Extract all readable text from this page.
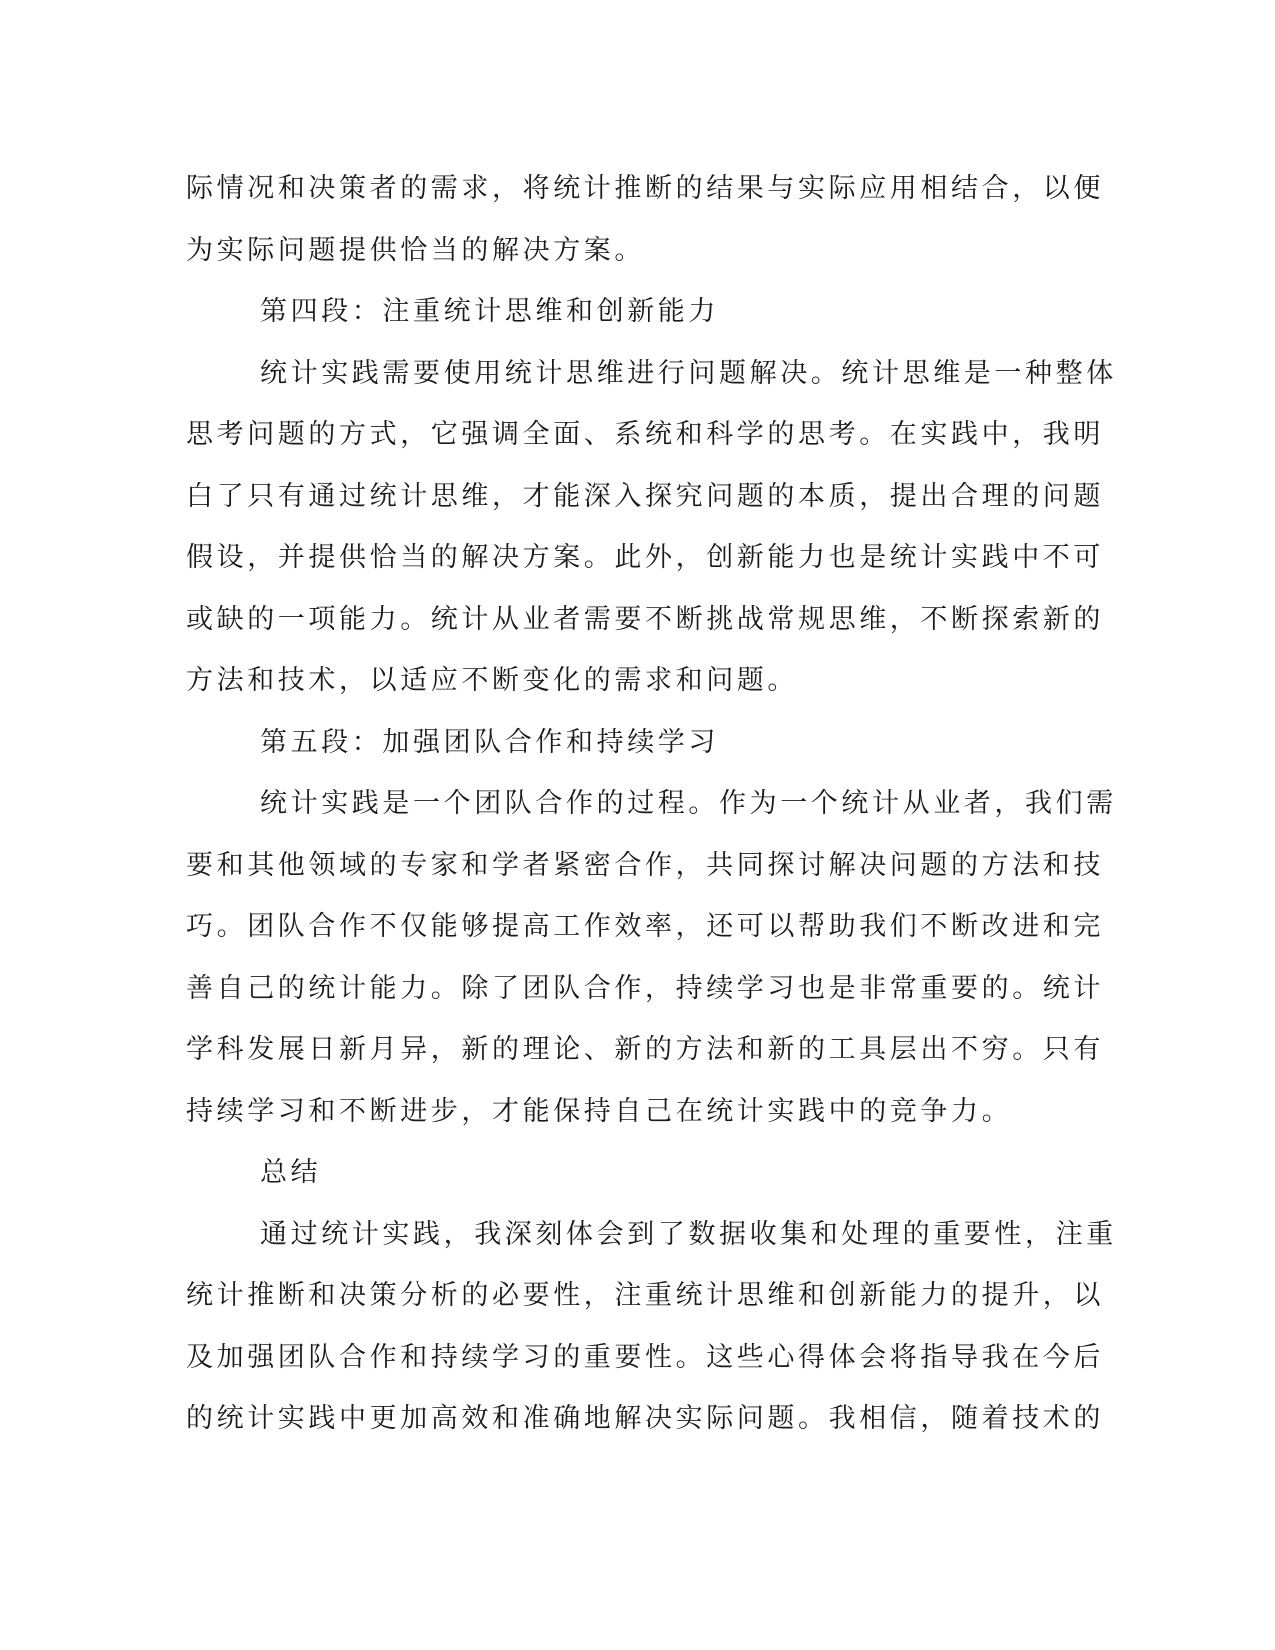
际情况和决策者的需求，将统计推断的结果与实际应用相结合，以便
为实际问题提供恰当的解决方案。
第四段：注重统计思维和创新能力
统计实践需要使用统计思维进行问题解决。统计思维是一种整体
思考问题的方式，它强调全面、系统和科学的思考。在实践中，我明
白了只有通过统计思维，才能深入探究问题的本质，提出合理的问题
假设，并提供恰当的解决方案。此外，创新能力也是统计实践中不可
或缺的一项能力。统计从业者需要不断挑战常规思维，不断探索新的
方法和技术，以适应不断变化的需求和问题。
第五段：加强团队合作和持续学习
统计实践是一个团队合作的过程。作为一个统计从业者，我们需
要和其他领域的专家和学者紧密合作，共同探讨解决问题的方法和技
巧。团队合作不仅能够提高工作效率，还可以帮助我们不断改进和完
善自己的统计能力。除了团队合作，持续学习也是非常重要的。统计
学科发展日新月异，新的理论、新的方法和新的工具层出不穷。只有
持续学习和不断进步，才能保持自己在统计实践中的竞争力。
总结
通过统计实践，我深刻体会到了数据收集和处理的重要性，注重
统计推断和决策分析的必要性，注重统计思维和创新能力的提升，以
及加强团队合作和持续学习的重要性。这些心得体会将指导我在今后
的统计实践中更加高效和准确地解决实际问题。我相信，随着技术的
